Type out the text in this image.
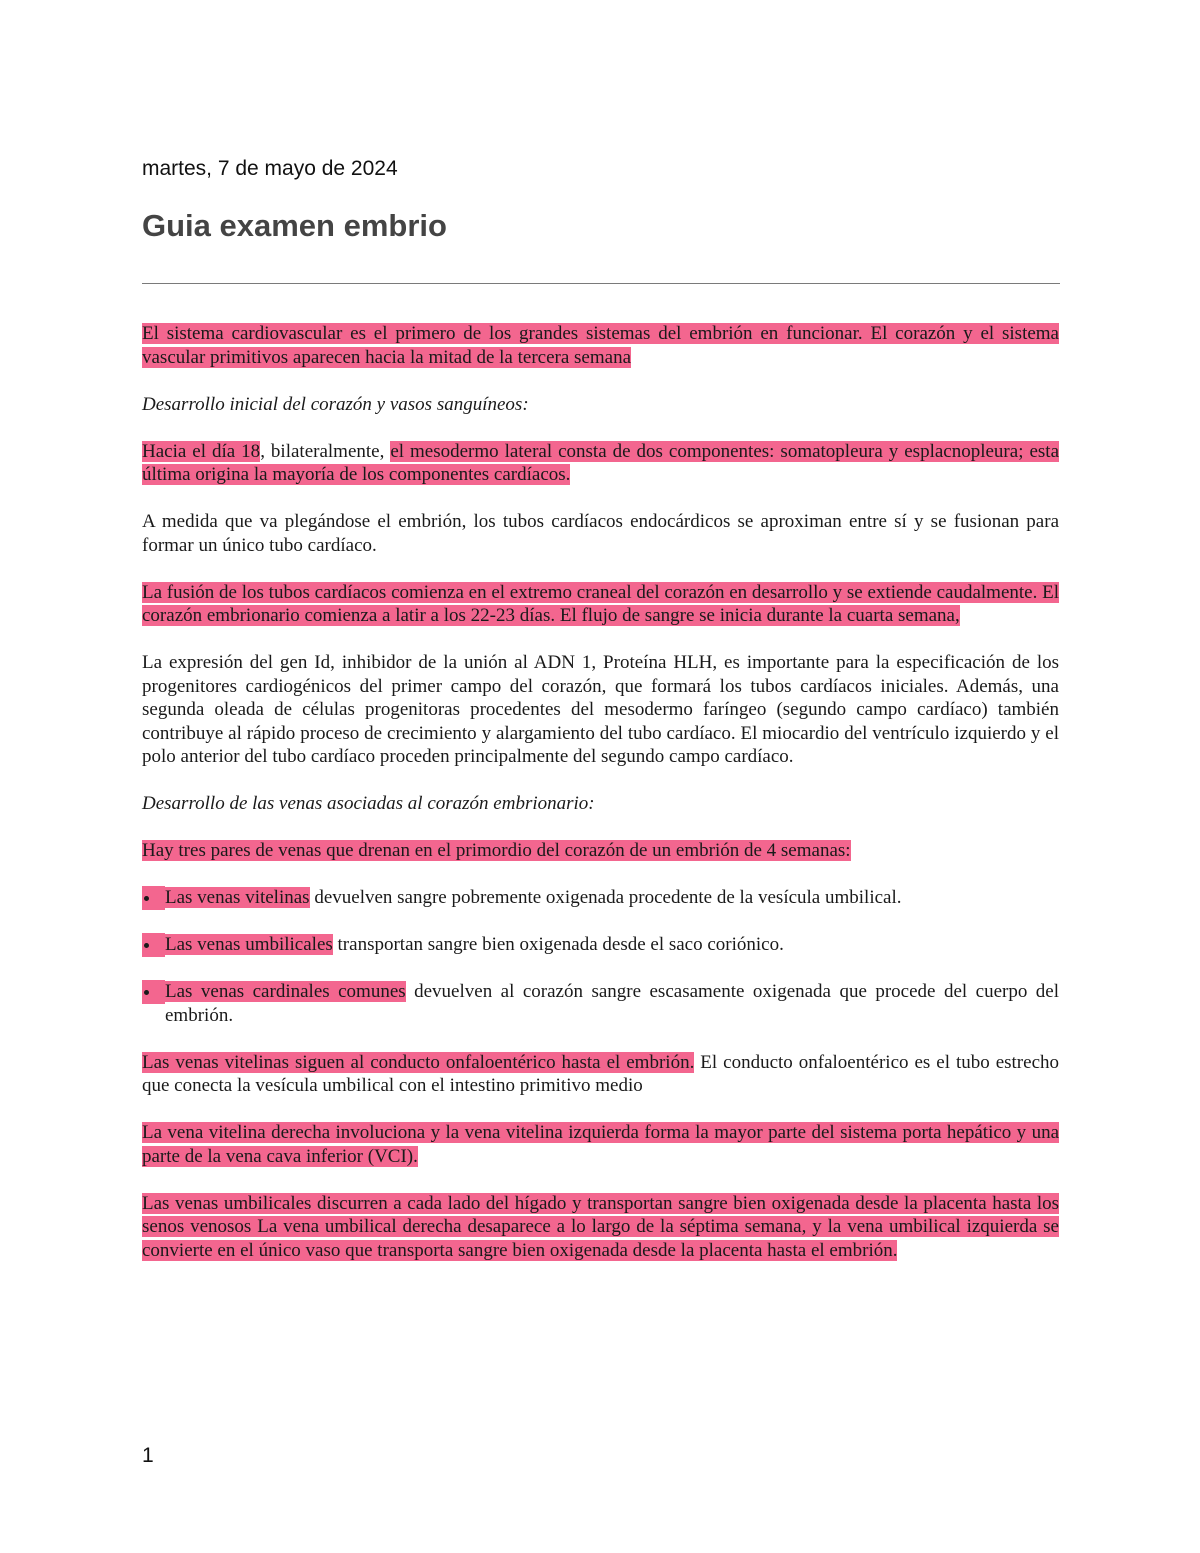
martes, 7 de mayo de 2024
Guia examen embrio

El sistema cardiovascular es el primero de los grandes sistemas del embrión en funcionar. El corazón y el sistema vascular primitivos aparecen hacia la mitad de la tercera semana

Desarrollo inicial del corazón y vasos sanguíneos:

Hacia el día 18, bilateralmente, el mesodermo lateral consta de dos componentes: somatopleura y esplacnopleura; esta última origina la mayoría de los componentes cardíacos.

A medida que va plegándose el embrión, los tubos cardíacos endocárdicos se aproximan entre sí y se fusionan para formar un único tubo cardíaco.

La fusión de los tubos cardíacos comienza en el extremo craneal del corazón en desarrollo y se extiende caudalmente. El corazón embrionario comienza a latir a los 22-23 días. El flujo de sangre se inicia durante la cuarta semana,

La expresión del gen Id, inhibidor de la unión al ADN 1, Proteína HLH, es importante para la especificación de los progenitores cardiogénicos del primer campo del corazón, que formará los tubos cardíacos iniciales. Además, una segunda oleada de células progenitoras procedentes del mesodermo faríngeo (segundo campo cardíaco) también contribuye al rápido proceso de crecimiento y alargamiento del tubo cardíaco. El miocardio del ventrículo izquierdo y el polo anterior del tubo cardíaco proceden principalmente del segundo campo cardíaco.

Desarrollo de las venas asociadas al corazón embrionario:

Hay tres pares de venas que drenan en el primordio del corazón de un embrión de 4 semanas:

Las venas vitelinas devuelven sangre pobremente oxigenada procedente de la vesícula umbilical.
Las venas umbilicales transportan sangre bien oxigenada desde el saco coriónico.
Las venas cardinales comunes devuelven al corazón sangre escasamente oxigenada que procede del cuerpo del embrión.

Las venas vitelinas siguen al conducto onfaloentérico hasta el embrión. El conducto onfaloentérico es el tubo estrecho que conecta la vesícula umbilical con el intestino primitivo medio

La vena vitelina derecha involuciona y la vena vitelina izquierda forma la mayor parte del sistema porta hepático y una parte de la vena cava inferior (VCI).

Las venas umbilicales discurren a cada lado del hígado y transportan sangre bien oxigenada desde la placenta hasta los senos venosos La vena umbilical derecha desaparece a lo largo de la séptima semana, y la vena umbilical izquierda se convierte en el único vaso que transporta sangre bien oxigenada desde la placenta hasta el embrión.

1
